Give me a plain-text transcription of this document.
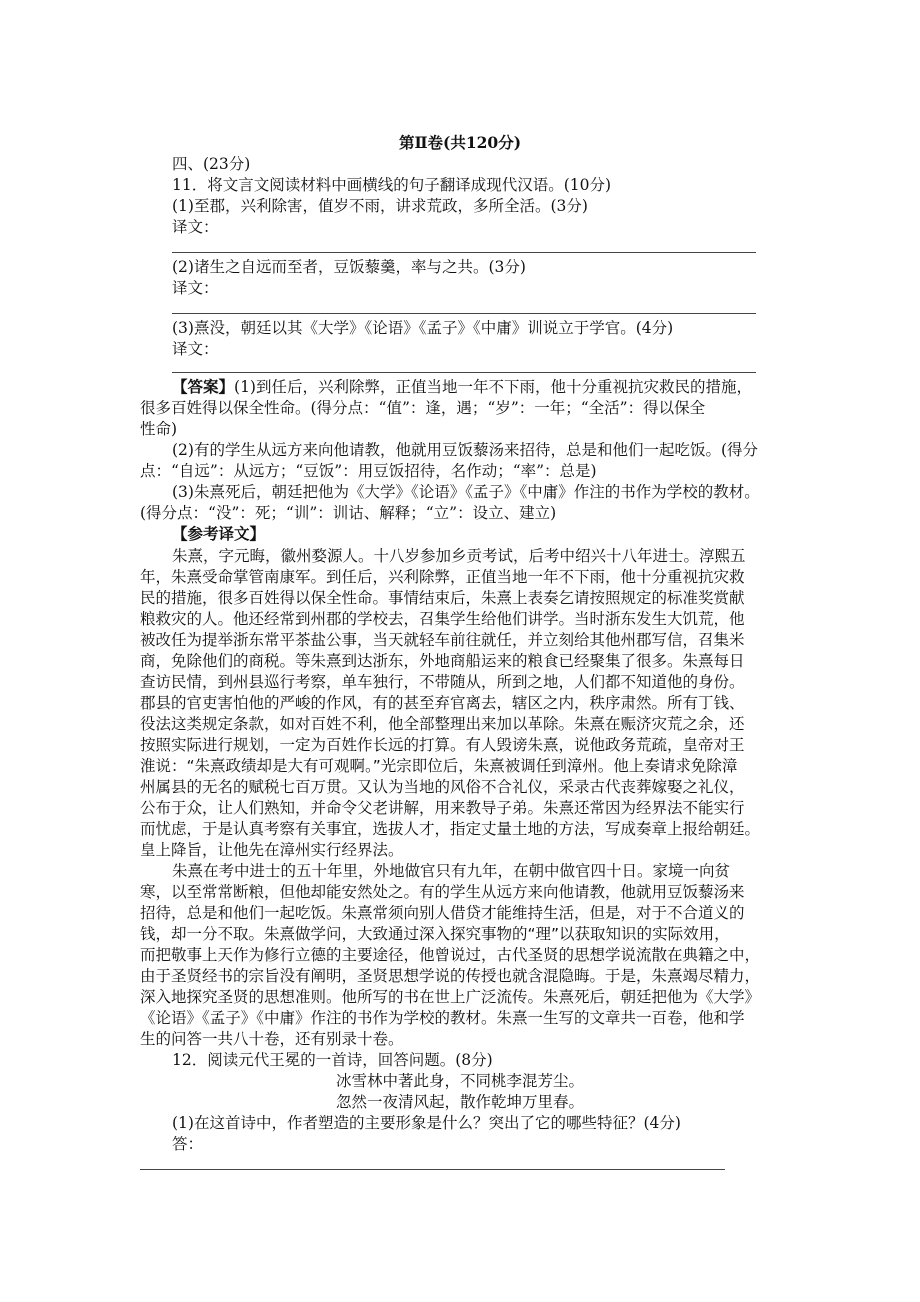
第Ⅱ卷(共120分)
四、(23分)
11．将文言文阅读材料中画横线的句子翻译成现代汉语。(10分)
(1)至郡，兴利除害，值岁不雨，讲求荒政，多所全活。(3分)
译文：
(2)诸生之自远而至者，豆饭藜羹，率与之共。(3分)
译文：
(3)熹没，朝廷以其《大学》《论语》《孟子》《中庸》训说立于学官。(4分)
译文：
【答案】(1)到任后，兴利除弊，正值当地一年不下雨，他十分重视抗灾救民的措施，
很多百姓得以保全性命。(得分点：“值”：逢，遇；“岁”：一年；“全活”：得以保全
性命)
(2)有的学生从远方来向他请教，他就用豆饭藜汤来招待，总是和他们一起吃饭。(得分
点：“自远”：从远方；“豆饭”：用豆饭招待，名作动；“率”：总是)
(3)朱熹死后，朝廷把他为《大学》《论语》《孟子》《中庸》作注的书作为学校的教材。
(得分点：“没”：死；“训”：训诂、解释；“立”：设立、建立)
【参考译文】
朱熹，字元晦，徽州婺源人。十八岁参加乡贡考试，后考中绍兴十八年进士。淳熙五
年，朱熹受命掌管南康军。到任后，兴利除弊，正值当地一年不下雨，他十分重视抗灾救
民的措施，很多百姓得以保全性命。事情结束后，朱熹上表奏乞请按照规定的标准奖赏献
粮救灾的人。他还经常到州郡的学校去，召集学生给他们讲学。当时浙东发生大饥荒，他
被改任为提举浙东常平茶盐公事，当天就轻车前往就任，并立刻给其他州郡写信，召集米
商，免除他们的商税。等朱熹到达浙东，外地商船运来的粮食已经聚集了很多。朱熹每日
查访民情，到州县巡行考察，单车独行，不带随从，所到之地，人们都不知道他的身份。
郡县的官吏害怕他的严峻的作风，有的甚至弃官离去，辖区之内，秩序肃然。所有丁钱、
役法这类规定条款，如对百姓不利，他全部整理出来加以革除。朱熹在赈济灾荒之余，还
按照实际进行规划，一定为百姓作长远的打算。有人毁谤朱熹，说他政务荒疏，皇帝对王
淮说：“朱熹政绩却是大有可观啊。”光宗即位后，朱熹被调任到漳州。他上奏请求免除漳
州属县的无名的赋税七百万贯。又认为当地的风俗不合礼仪，采录古代丧葬嫁娶之礼仪，
公布于众，让人们熟知，并命令父老讲解，用来教导子弟。朱熹还常因为经界法不能实行
而忧虑，于是认真考察有关事宜，选拔人才，指定丈量土地的方法，写成奏章上报给朝廷。
皇上降旨，让他先在漳州实行经界法。
朱熹在考中进士的五十年里，外地做官只有九年，在朝中做官四十日。家境一向贫
寒，以至常常断粮，但他却能安然处之。有的学生从远方来向他请教，他就用豆饭藜汤来
招待，总是和他们一起吃饭。朱熹常须向别人借贷才能维持生活，但是，对于不合道义的
钱，却一分不取。朱熹做学问，大致通过深入探究事物的“理”以获取知识的实际效用，
而把敬事上天作为修行立德的主要途径，他曾说过，古代圣贤的思想学说流散在典籍之中，
由于圣贤经书的宗旨没有阐明，圣贤思想学说的传授也就含混隐晦。于是，朱熹竭尽精力，
深入地探究圣贤的思想准则。他所写的书在世上广泛流传。朱熹死后，朝廷把他为《大学》
《论语》《孟子》《中庸》作注的书作为学校的教材。朱熹一生写的文章共一百卷，他和学
生的问答一共八十卷，还有别录十卷。
12．阅读元代王冕的一首诗，回答问题。(8分)
冰雪林中著此身，不同桃李混芳尘。
忽然一夜清风起，散作乾坤万里春。
(1)在这首诗中，作者塑造的主要形象是什么？突出了它的哪些特征？(4分)
答：
